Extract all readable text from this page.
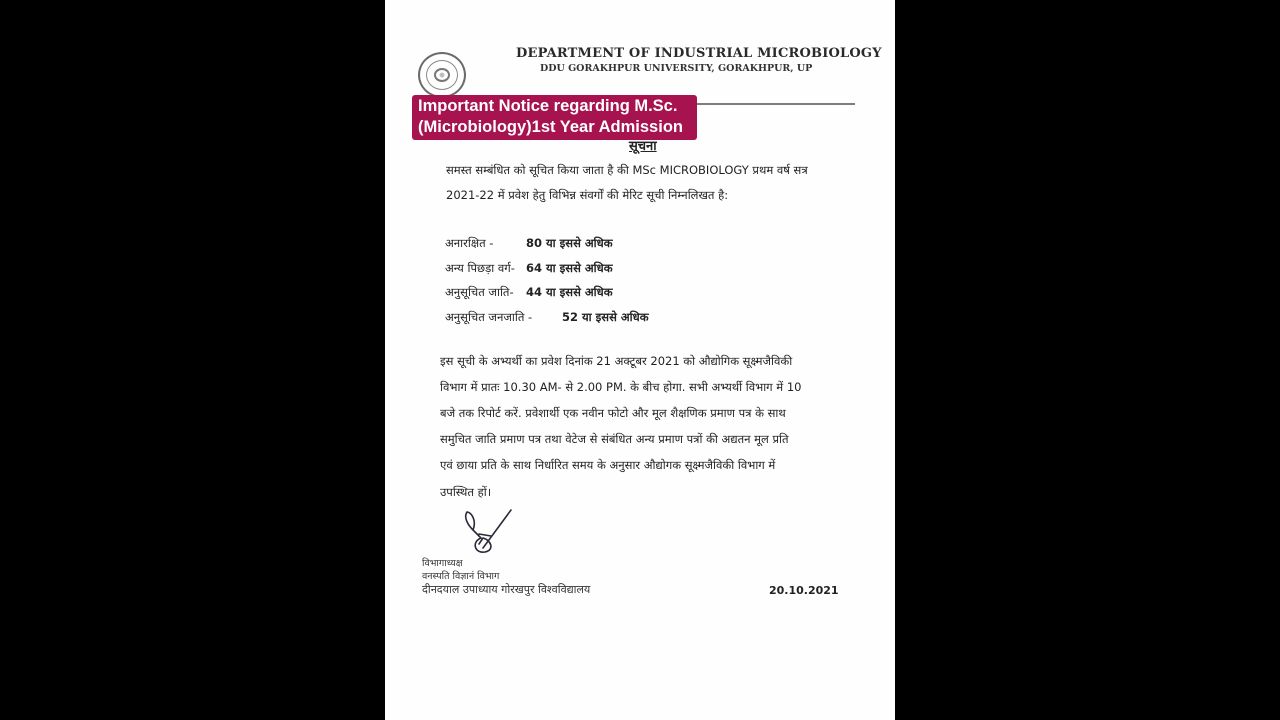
DEPARTMENT OF INDUSTRIAL MICROBIOLOGY
DDU GORAKHPUR UNIVERSITY, GORAKHPUR, UP
Important Notice regarding M.Sc.
(Microbiology)1st Year Admission
सूचना
समस्त सम्बंधित को सूचित किया जाता है की MSc MICROBIOLOGY प्रथम वर्ष सत्र
2021-22 में प्रवेश हेतु विभिन्न संवर्गों की मेरिट सूची निम्नलिखत है:
अनारक्षित -	80 या इससे अधिक
अन्य पिछड़ा वर्ग- 64 या इससे अधिक
अनुसूचित जाति- 44 या इससे अधिक
अनुसूचित जनजाति -	52 या इससे अधिक
इस सूची के अभ्यर्थी का प्रवेश दिनांक 21 अक्टूबर 2021 को औद्योगिक सूक्ष्मजैविकी
विभाग में प्रातः 10.30 AM- से 2.00 PM. के बीच होगा. सभी अभ्यर्थी विभाग में 10
बजे तक रिपोर्ट करें. प्रवेशार्थी एक नवीन फोटो और मूल शैक्षणिक प्रमाण पत्र के साथ
समुचित जाति प्रमाण पत्र तथा वेटेज से संबंधित अन्य प्रमाण पत्रों की अद्यतन मूल प्रति
एवं छाया प्रति के साथ निर्धारित समय के अनुसार औद्योगक सूक्ष्मजैविकी विभाग में
उपस्थित हों।
विभागाध्यक्ष
वनस्पति विज्ञानं विभाग
दीनदयाल उपाध्याय गोरखपुर विश्वविद्यालय	20.10.2021
